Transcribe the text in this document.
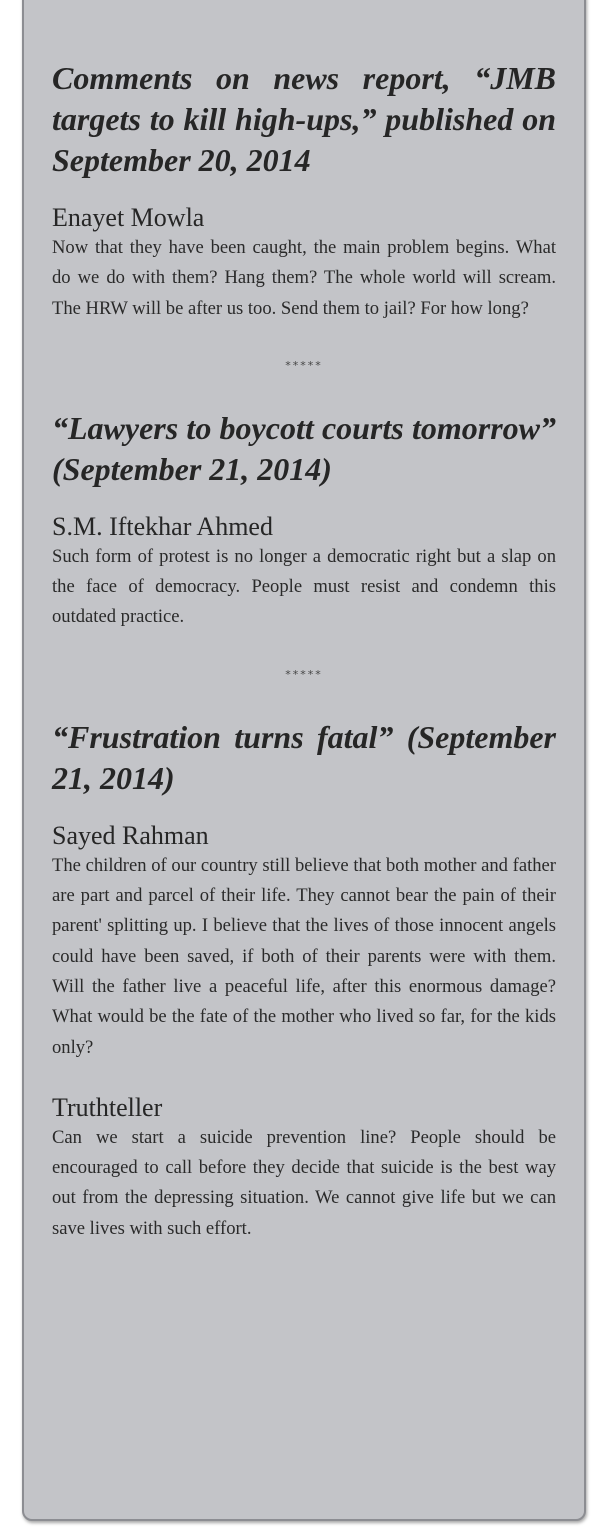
Comments on news report, “JMB targets to kill high-ups,” published on September 20, 2014
Enayet Mowla

Now that they have been caught, the main problem begins. What do we do with them? Hang them? The whole world will scream. The HRW will be after us too. Send them to jail? For how long?

*****
“Lawyers to boycott courts tomorrow” (September 21, 2014)
S.M. Iftekhar Ahmed

Such form of protest is no longer a democratic right but a slap on the face of democracy. People must resist and condemn this outdated practice.

*****
“Frustration turns fatal” (September 21, 2014)
Sayed Rahman

The children of our country still believe that both mother and father are part and parcel of their life. They cannot bear the pain of their parent' splitting up. I believe that the lives of those innocent angels could have been saved, if both of their parents were with them. Will the father live a peaceful life, after this enormous damage? What would be the fate of the mother who lived so far, for the kids only?

Truthteller

Can we start a suicide prevention line? People should be encouraged to call before they decide that suicide is the best way out from the depressing situation. We cannot give life but we can save lives with such effort.
